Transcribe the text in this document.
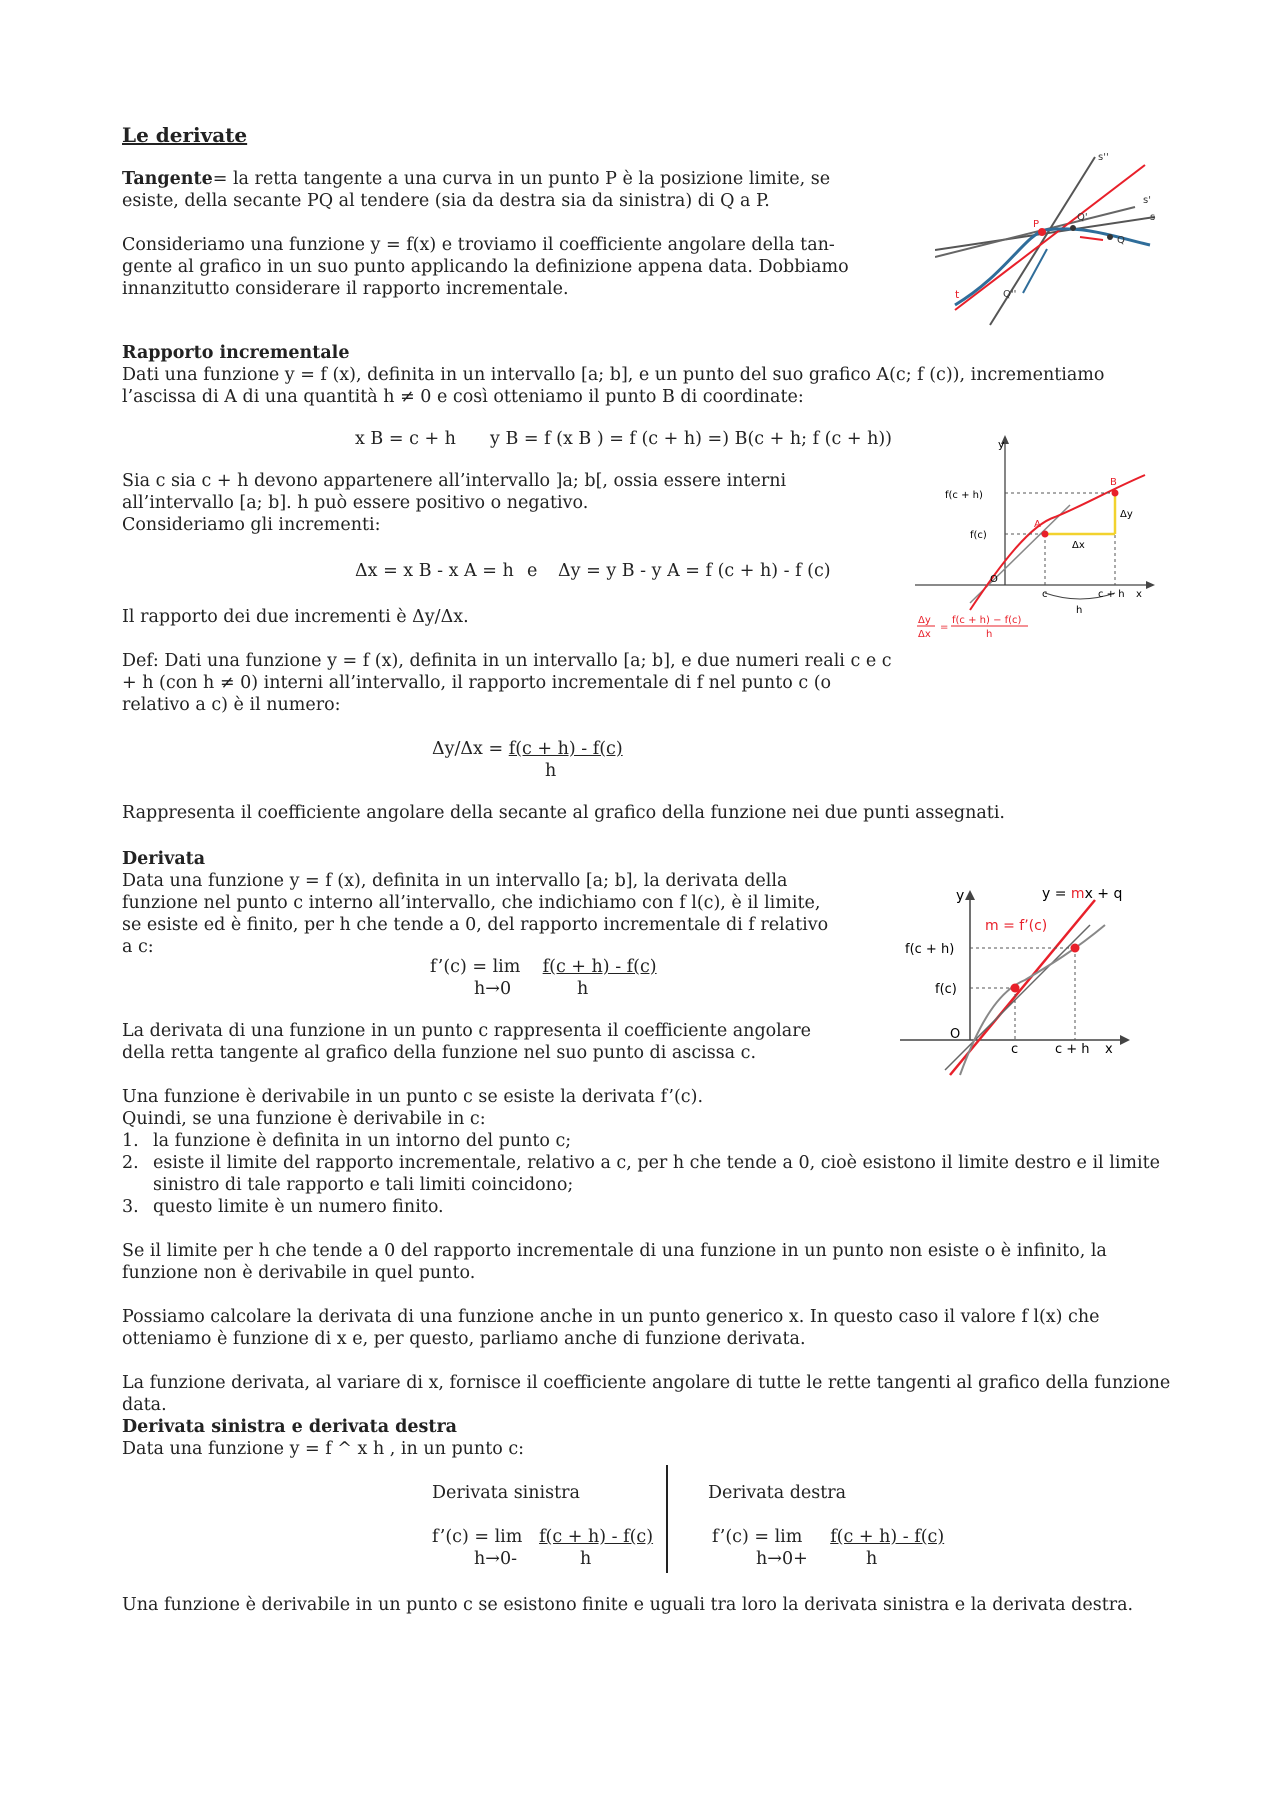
Le derivate
Tangente= la retta tangente a una curva in un punto P è la posizione limite, se esiste, della secante PQ al tendere (sia da destra sia da sinistra) di Q a P.
Consideriamo una funzione y = f(x) e troviamo il coefficiente angolare della tan- gente al grafico in un suo punto applicando la definizione appena data. Dobbiamo innanzitutto considerare il rapporto incrementale.
s''
s'
s
Q'
Q
P
t	Q''
Rapporto incrementale
Dati una funzione y = f (x), definita in un intervallo [a; b], e un punto del suo grafico A(c; f (c)), incrementiamo l’ascissa di A di una quantità h ≠ 0 e così otteniamo il punto B di coordinate:
x B = c + h y B = f (x B ) = f (c + h) =) B(c + h; f (c + h))
Sia c sia c + h devono appartenere all’intervallo ]a; b[, ossia essere interni all’intervallo [a; b]. h può essere positivo o negativo.
Consideriamo gli incrementi:
Δx = x B - x A = h e Δy = y B - y A = f (c + h) - f (c)
Il rapporto dei due incrementi è Δy/Δx.
Def: Dati una funzione y = f (x), definita in un intervallo [a; b], e due numeri reali c e c + h (con h ≠ 0) interni all’intervallo, il rapporto incrementale di f nel punto c (o relativo a c) è il numero:
Δy/Δx = f(c + h) - f(c)
h
Rappresenta il coefficiente angolare della secante al grafico della funzione nei due punti assegnati.
y
f(c + h)
f(c)
A
B
Δy
Δx
O
c	c + h x
h
Δy
Δx
=
f(c + h) − f(c)
h
Derivata
Data una funzione y = f (x), definita in un intervallo [a; b], la derivata della funzione nel punto c interno all’intervallo, che indichiamo con f l(c), è il limite, se esiste ed è finito, per h che tende a 0, del rapporto incrementale di f relativo a c:
f’(c) = lim f(c + h) - f(c)
h→0	h
La derivata di una funzione in un punto c rappresenta il coefficiente angolare della retta tangente al grafico della funzione nel suo punto di ascissa c.
Una funzione è derivabile in un punto c se esiste la derivata f’(c).
Quindi, se una funzione è derivabile in c:
1. la funzione è definita in un intorno del punto c;
2. esiste il limite del rapporto incrementale, relativo a c, per h che tende a 0, cioè esistono il limite destro e il limite sinistro di tale rapporto e tali limiti coincidono;
3. questo limite è un numero finito.
Se il limite per h che tende a 0 del rapporto incrementale di una funzione in un punto non esiste o è infinito, la funzione non è derivabile in quel punto.
Possiamo calcolare la derivata di una funzione anche in un punto generico x. In questo caso il valore f l(x) che otteniamo è funzione di x e, per questo, parliamo anche di funzione derivata.
La funzione derivata, al variare di x, fornisce il coefficiente angolare di tutte le rette tangenti al grafico della funzione data.
y	y = mx + q
m = f’(c)
f(c + h)
f(c)
O
c	c + h x
Derivata sinistra e derivata destra
Data una funzione y = f ^ x h , in un punto c:
Derivata sinistra
f’(c) = lim f(c + h) - f(c)
h→0-	h
Derivata destra
f’(c) = lim f(c + h) - f(c)
h→0+	h
Una funzione è derivabile in un punto c se esistono finite e uguali tra loro la derivata sinistra e la derivata destra.
